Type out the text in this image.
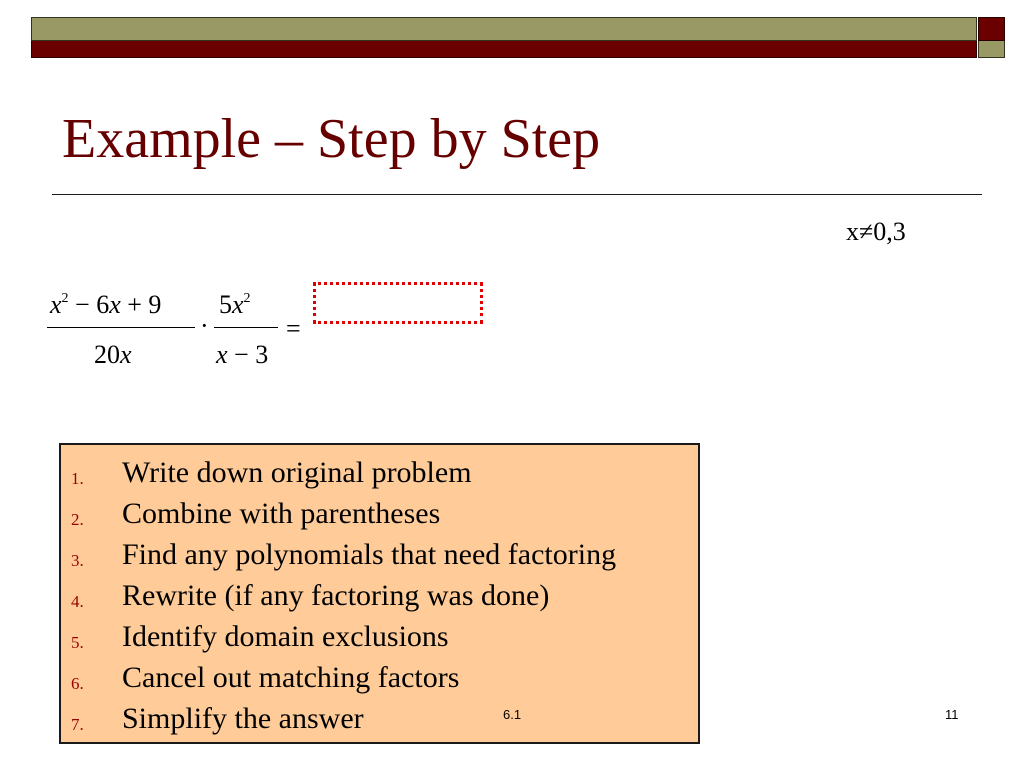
Example – Step by Step
x≠0,3
$x^2 - 6x + 9$
20x
·
$5x^2$
x − 3
=
1. Write down original problem
2. Combine with parentheses
3. Find any polynomials that need factoring
4. Rewrite (if any factoring was done)
5. Identify domain exclusions
6. Cancel out matching factors
7. Simplify the answer	6.1	11
